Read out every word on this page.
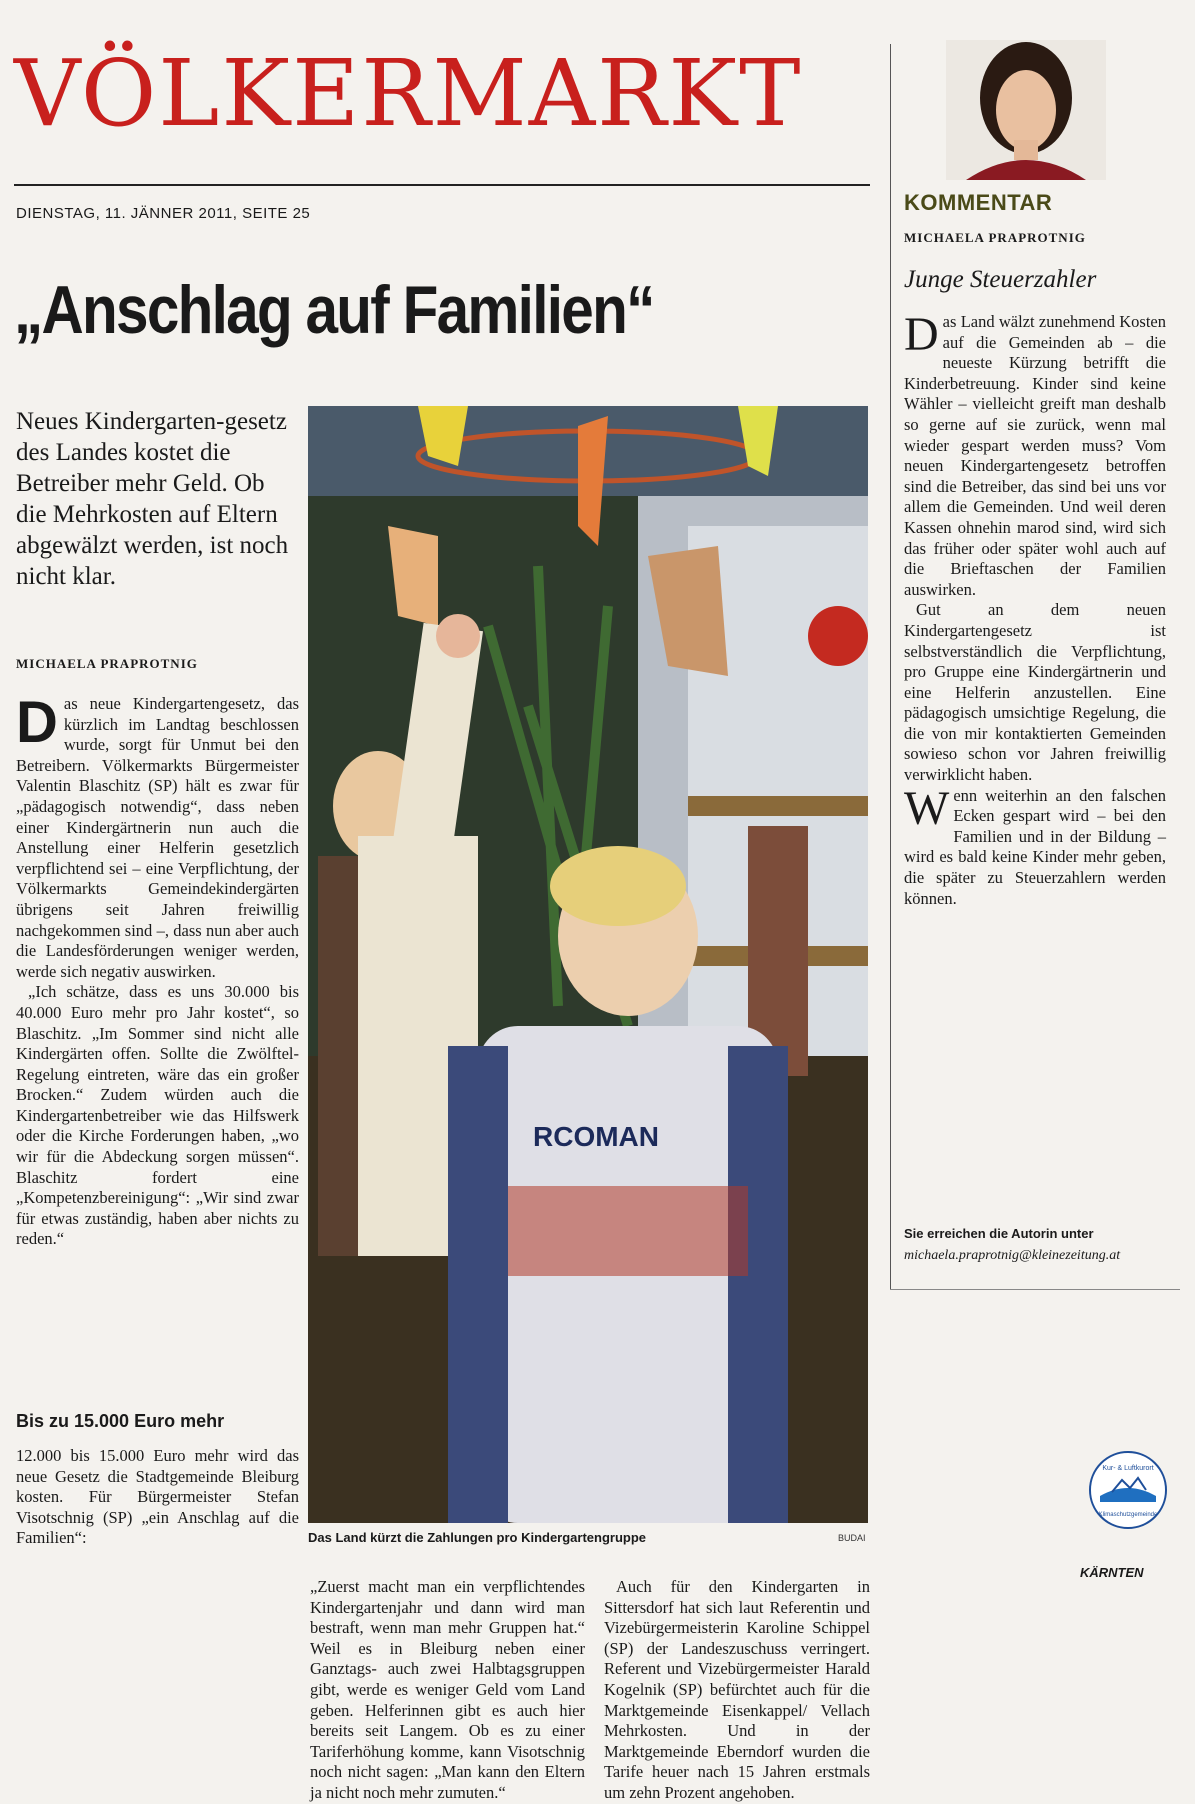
VÖLKERMARKT
DIENSTAG, 11. JÄNNER 2011, SEITE 25
„Anschlag auf Familien“
Neues Kindergarten-gesetz des Landes kostet die Betreiber mehr Geld. Ob die Mehrkosten auf Eltern abgewälzt werden, ist noch nicht klar.
MICHAELA PRAPROTNIG

Das neue Kindergartengesetz, das kürzlich im Landtag beschlossen wurde, sorgt für Unmut bei den Betreibern. Völkermarkts Bürgermeister Valentin Blaschitz (SP) hält es zwar für „pädagogisch notwendig“, dass neben einer Kindergärtnerin nun auch die Anstellung einer Helferin gesetzlich verpflichtend sei – eine Verpflichtung, der Völkermarkts Gemeindekindergärten übrigens seit Jahren freiwillig nachgekommen sind –, dass nun aber auch die Landesförderungen weniger werden, werde sich negativ auswirken.

„Ich schätze, dass es uns 30.000 bis 40.000 Euro mehr pro Jahr kostet“, so Blaschitz. „Im Sommer sind nicht alle Kindergärten offen. Sollte die Zwölftel-Regelung eintreten, wäre das ein großer Brocken.“ Zudem würden auch die Kindergartenbetreiber wie das Hilfswerk oder die Kirche Forderungen haben, „wo wir für die Abdeckung sorgen müssen“. Blaschitz fordert eine „Kompetenzbereinigung“: „Wir sind zwar für etwas zuständig, haben aber nichts zu reden.“

Bis zu 15.000 Euro mehr

12.000 bis 15.000 Euro mehr wird das neue Gesetz die Stadtgemeinde Bleiburg kosten. Für Bürgermeister Stefan Visotschnig (SP) „ein Anschlag auf die Familien“:

RCOMAN
Das Land kürzt die Zahlungen pro Kindergartengruppe	BUDAI

„Zuerst macht man ein verpflichtendes Kindergartenjahr und dann wird man bestraft, wenn man mehr Gruppen hat.“ Weil es in Bleiburg neben einer Ganztags- auch zwei Halbtagsgruppen gibt, werde es weniger Geld vom Land geben. Helferinnen gibt es auch hier bereits seit Langem. Ob es zu einer Tariferhöhung komme, kann Visotschnig noch nicht sagen: „Man kann den Eltern ja nicht noch mehr zumuten.“

Auch für den Kindergarten in Sittersdorf hat sich laut Referentin und Vizebürgermeisterin Karoline Schippel (SP) der Landeszuschuss verringert. Referent und Vizebürgermeister Harald Kogelnik (SP) befürchtet auch für die Marktgemeinde Eisenkappel/ Vellach Mehrkosten. Und in der Marktgemeinde Eberndorf wurden die Tarife heuer nach 15 Jahren erstmals um zehn Prozent angehoben.

KOMMENTAR
MICHAELA PRAPROTNIG
Junge Steuerzahler

Das Land wälzt zunehmend Kosten auf die Gemeinden ab – die neueste Kürzung betrifft die Kinderbetreuung. Kinder sind keine Wähler – vielleicht greift man deshalb so gerne auf sie zurück, wenn mal wieder gespart werden muss? Vom neuen Kindergartengesetz betroffen sind die Betreiber, das sind bei uns vor allem die Gemeinden. Und weil deren Kassen ohnehin marod sind, wird sich das früher oder später wohl auch auf die Brieftaschen der Familien auswirken.

Gut an dem neuen Kindergartengesetz ist selbstverständlich die Verpflichtung, pro Gruppe eine Kindergärtnerin und eine Helferin anzustellen. Eine pädagogisch umsichtige Regelung, die die von mir kontaktierten Gemeinden sowieso schon vor Jahren freiwillig verwirklicht haben.

Wenn weiterhin an den falschen Ecken gespart wird – bei den Familien und in der Bildung – wird es bald keine Kinder mehr geben, die später zu Steuerzahlern werden können.

Sie erreichen die Autorin unter
michaela.praprotnig@kleinezeitung.at
Kur- & Luftkurort
Klimaschutzgemeinde
KÄRNTEN
